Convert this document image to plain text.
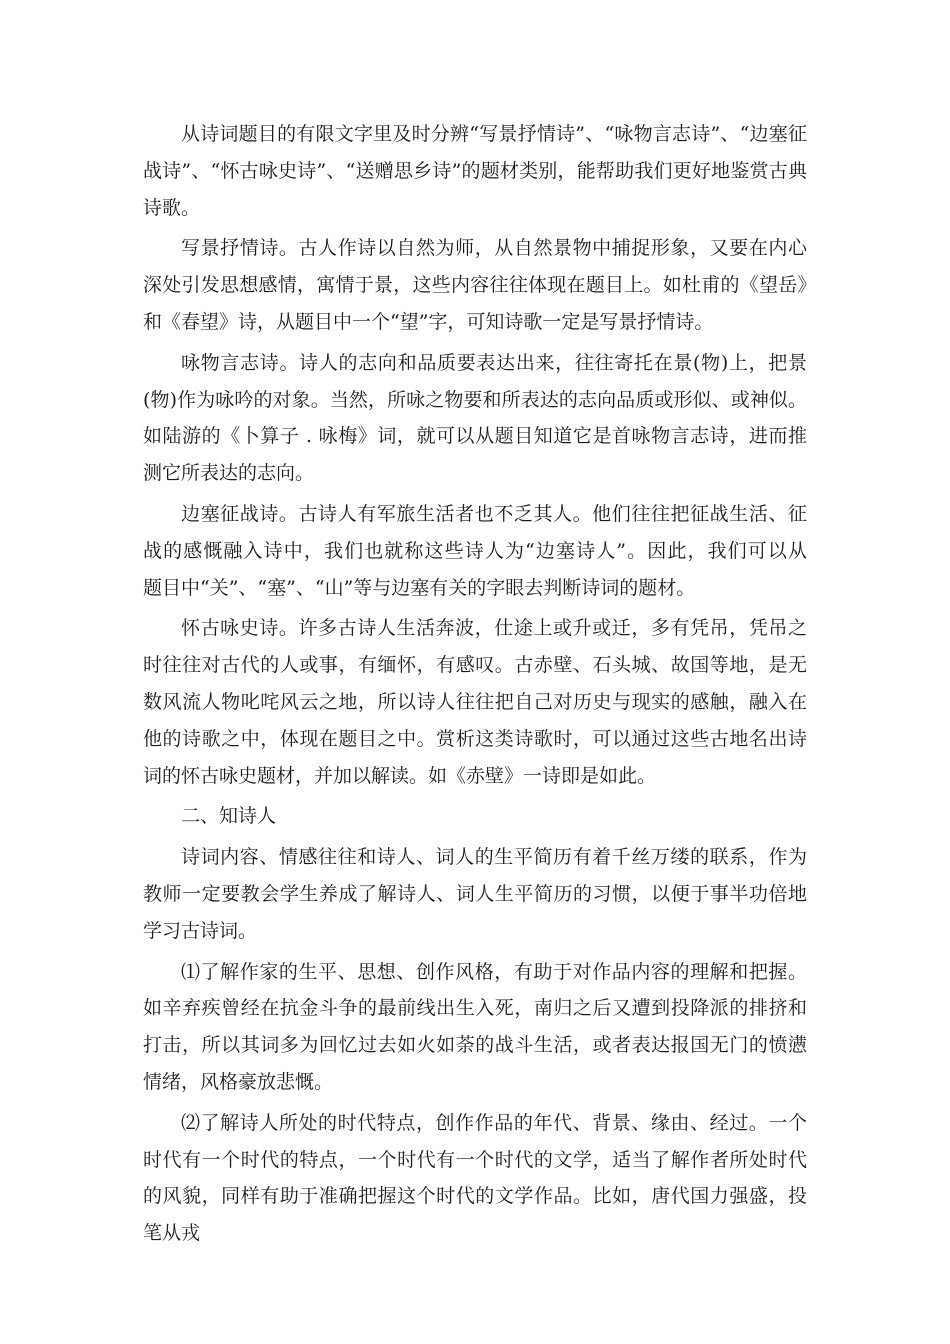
从诗词题目的有限文字里及时分辨“写景抒情诗”、“咏物言志诗”、“边塞征战诗”、“怀古咏史诗”、“送赠思乡诗”的题材类别，能帮助我们更好地鉴赏古典诗歌。

写景抒情诗。古人作诗以自然为师，从自然景物中捕捉形象，又要在内心深处引发思想感情，寓情于景，这些内容往往体现在题目上。如杜甫的《望岳》和《春望》诗，从题目中一个“望”字，可知诗歌一定是写景抒情诗。

咏物言志诗。诗人的志向和品质要表达出来，往往寄托在景(物)上，把景(物)作为咏吟的对象。当然，所咏之物要和所表达的志向品质或形似、或神似。如陆游的《卜算子 . 咏梅》词，就可以从题目知道它是首咏物言志诗，进而推测它所表达的志向。

边塞征战诗。古诗人有军旅生活者也不乏其人。他们往往把征战生活、征战的感慨融入诗中，我们也就称这些诗人为“边塞诗人”。因此，我们可以从　题目中“关”、“塞”、“山”等与边塞有关的字眼去判断诗词的题材。

怀古咏史诗。许多古诗人生活奔波，仕途上或升或迁，多有凭吊，凭吊之时往往对古代的人或事，有缅怀，有感叹。古赤壁、石头城、故国等地，是无数风流人物叱咤风云之地，所以诗人往往把自己对历史与现实的感触，融入在他的诗歌之中，体现在题目之中。赏析这类诗歌时，可以通过这些古地名出诗词的怀古咏史题材，并加以解读。如《赤壁》一诗即是如此。

二、知诗人

诗词内容、情感往往和诗人、词人的生平简历有着千丝万缕的联系，作为教师一定要教会学生养成了解诗人、词人生平简历的习惯，以便于事半功倍地学习古诗词。

⑴了解作家的生平、思想、创作风格，有助于对作品内容的理解和把握。如辛弃疾曾经在抗金斗争的最前线出生入死，南归之后又遭到投降派的排挤和打击，所以其词多为回忆过去如火如荼的战斗生活，或者表达报国无门的愤懑情绪，风格豪放悲慨。

⑵了解诗人所处的时代特点，创作作品的年代、背景、缘由、经过。一个时代有一个时代的特点，一个时代有一个时代的文学，适当了解作者所处时代的风貌，同样有助于准确把握这个时代的文学作品。比如，唐代国力强盛，投笔从戎
